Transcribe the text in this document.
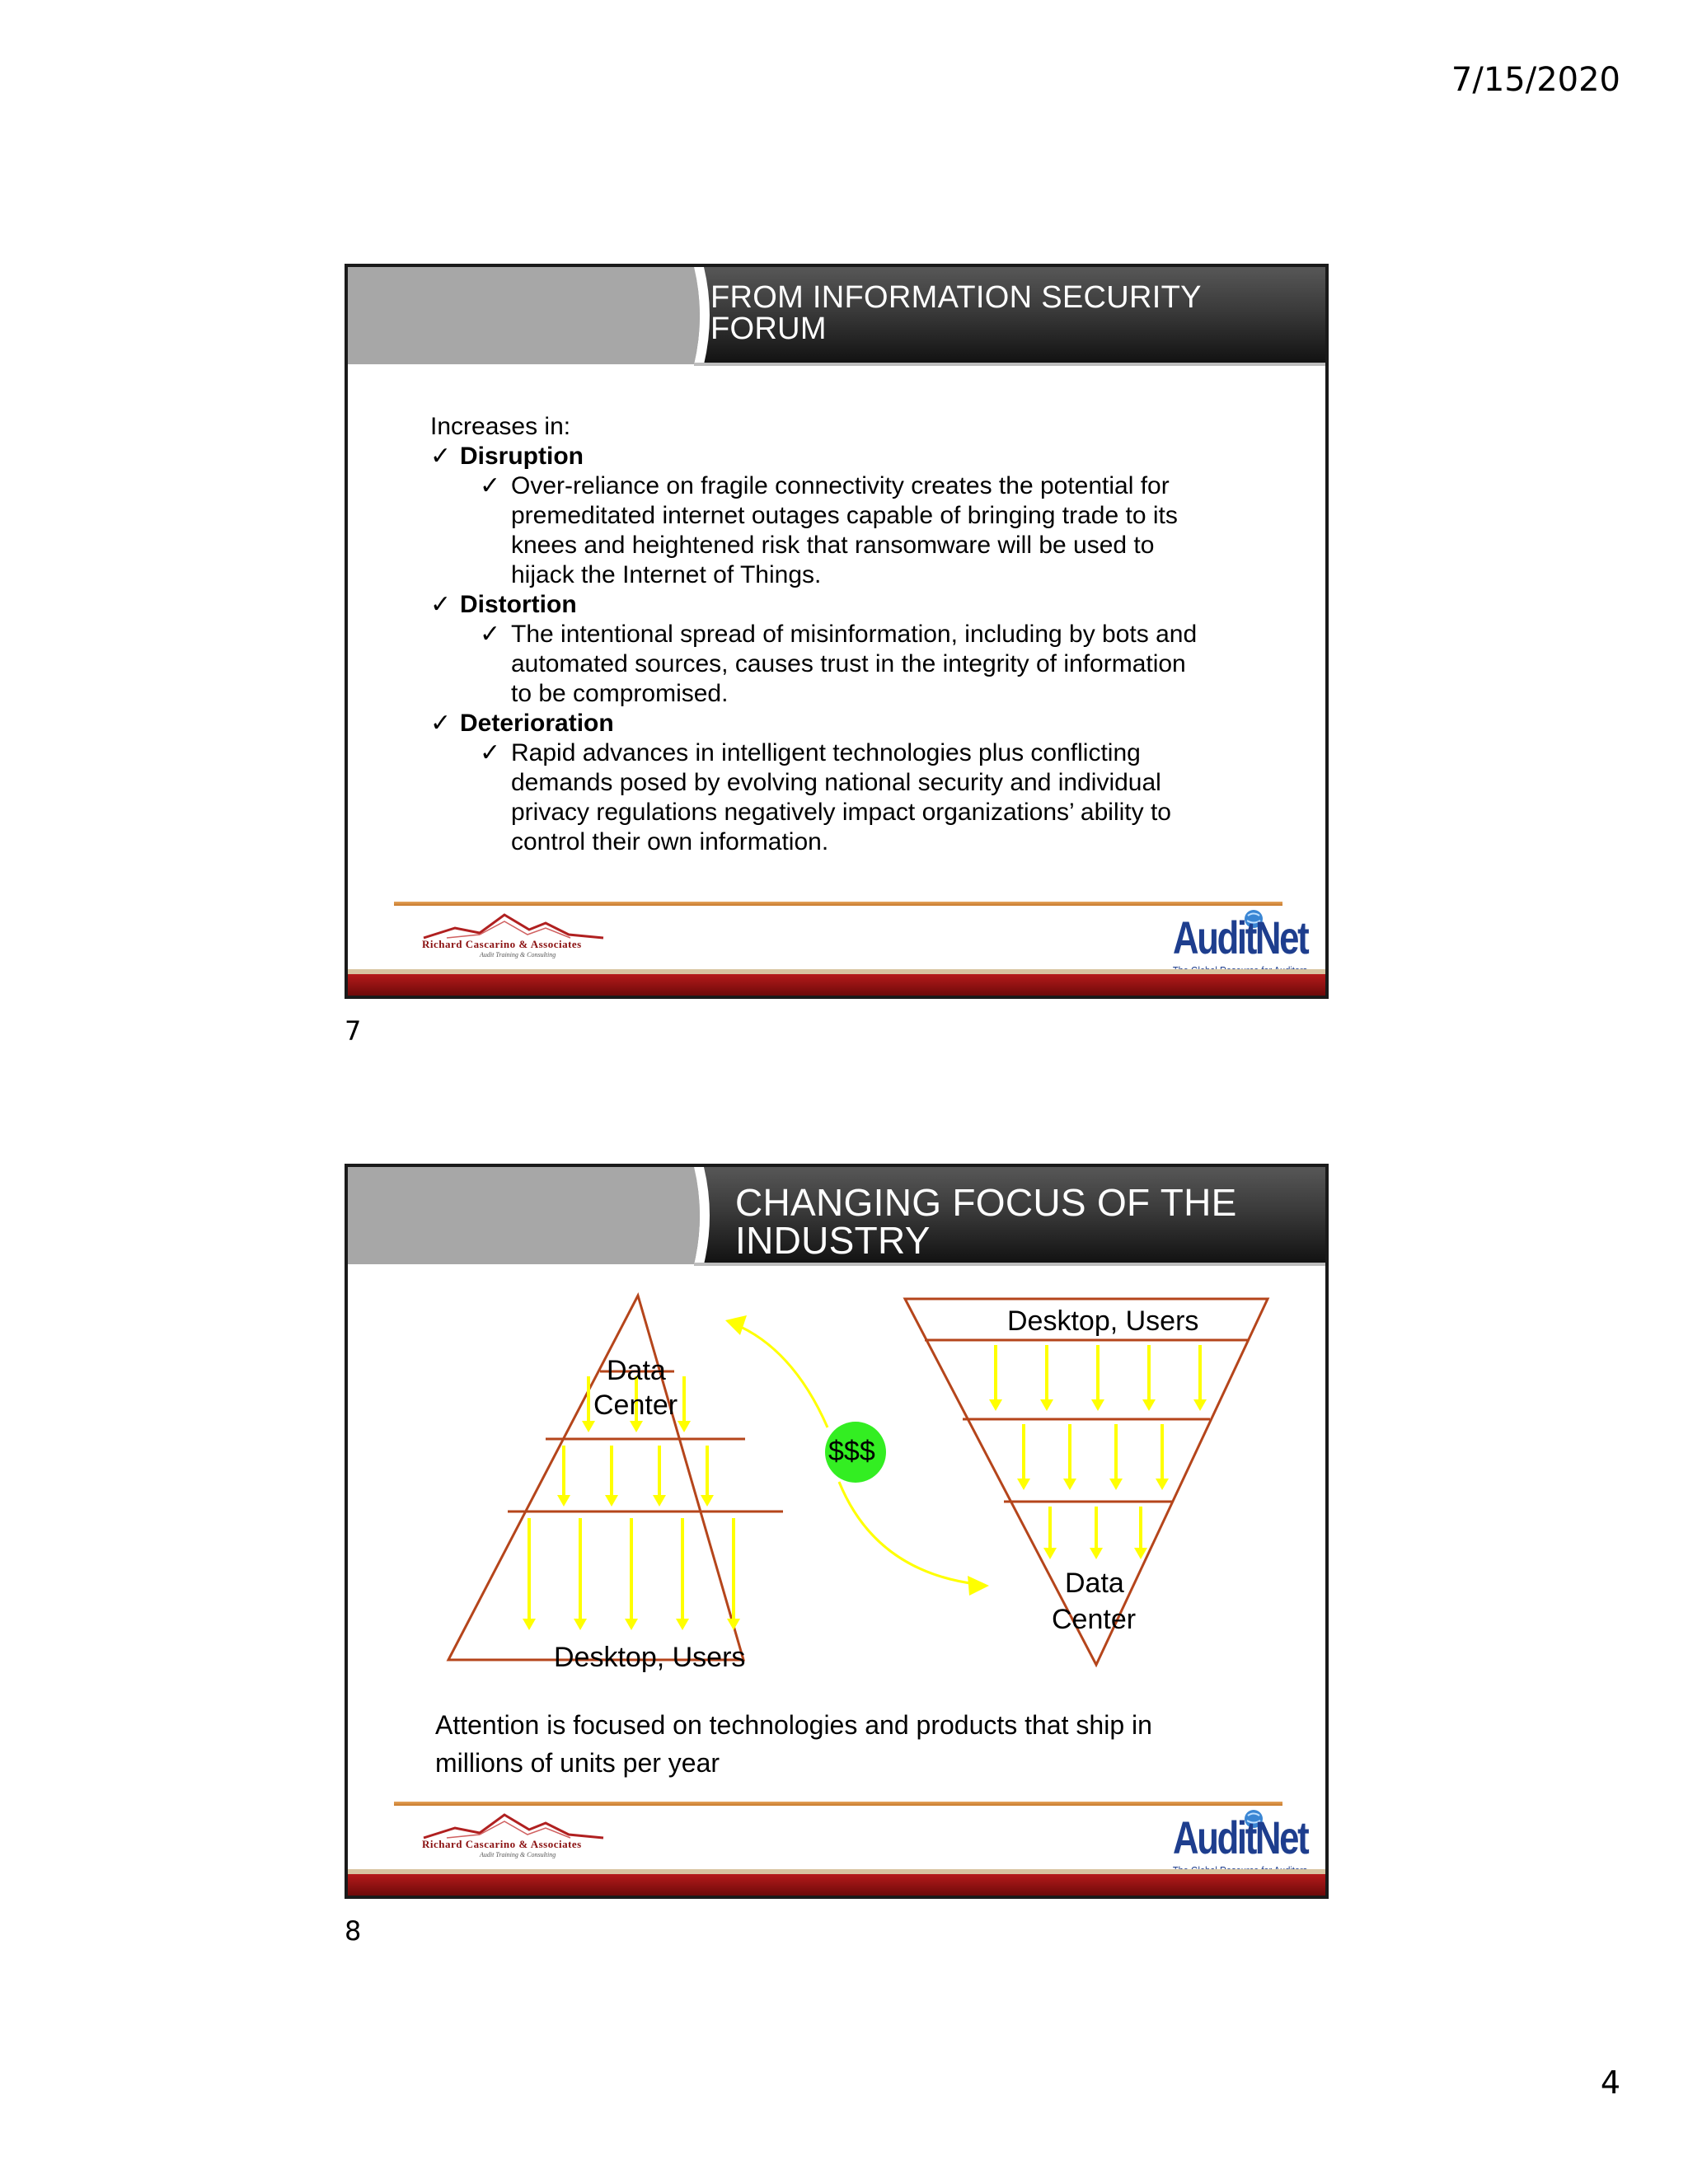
7/15/2020
FROM INFORMATION SECURITY
FORUM
Increases in:
✓ Disruption
✓ Over-reliance on fragile connectivity creates the potential for premeditated internet outages capable of bringing trade to its knees and heightened risk that ransomware will be used to hijack the Internet of Things.
✓ Distortion
✓ The intentional spread of misinformation, including by bots and automated sources, causes trust in the integrity of information to be compromised.
✓ Deterioration
✓ Rapid advances in intelligent technologies plus conflicting demands posed by evolving national security and individual privacy regulations negatively impact organizations’ ability to control their own information.
Richard Cascarino & Associates
Audit Training & Consulting	AuditNet
7
CHANGING FOCUS OF THE
INDUSTRY
Data
Center
Desktop, Users
Desktop, Users
Data
Center
$$$
Attention is focused on technologies and products that ship in millions of units per year
Richard Cascarino & Associates
Audit Training & Consulting	AuditNet
8
4
